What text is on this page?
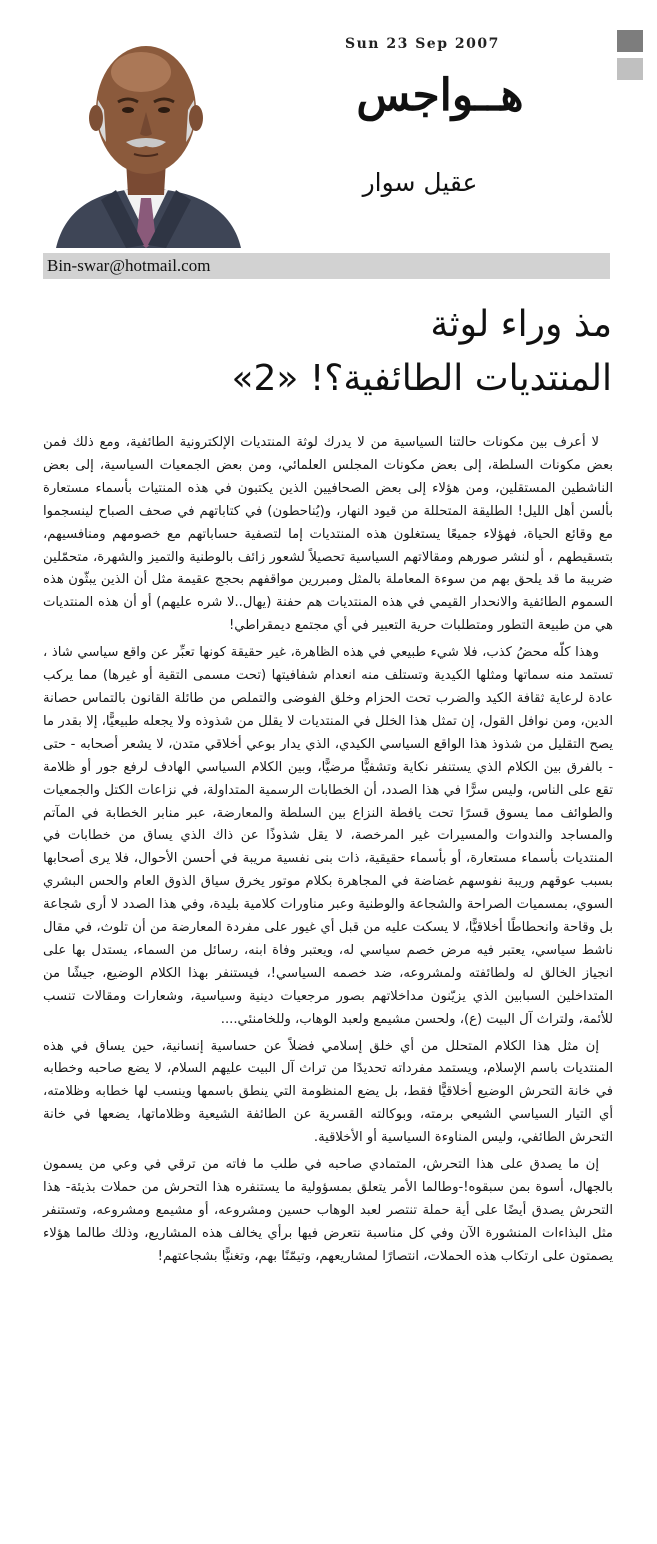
Sun 23 Sep 2007
هــواجس
عقيل سوار
Bin-swar@hotmail.com
مذ وراء لوثة
المنتديات الطائفية؟! «2»

لا أعرف بين مكونات حالتنا السياسية من لا يدرك لوثة المنتديات الإلكترونية الطائفية، ومع ذلك فمن بعض مكونات السلطة، إلى بعض مكونات المجلس العلمائي، ومن بعض الجمعيات السياسية، إلى بعض الناشطين المستقلين، ومن هؤلاء إلى بعض الصحافيين الذين يكتبون في هذه المنتيات بأسماء مستعارة بألسن أهل الليل! الطليقة المتحللة من قيود النهار، و(يُناحطون) في كتاباتهم في صحف الصباح لينسجموا مع وقائع الحياة، فهؤلاء جميعًا يستغلون هذه المنتديات إما لتصفية حساباتهم مع خصومهم ومنافسيهم، بتسقيطهم ، أو لنشر صورهم ومقالاتهم السياسية تحصيلاً لشعور زائف بالوطنية والتميز والشهرة، متحمّلين ضريبة ما قد يلحق بهم من سوءة المعاملة بالمثل ومبررين مواقفهم بحجج عقيمة مثل أن الذين يبثّون هذه السموم الطائفية والانحدار القيمي في هذه المنتديات هم حفنة (يهال..لا شره عليهم) أو أن هذه المنتديات هي من طبيعة التطور ومتطلبات حرية التعبير في أي مجتمع ديمقراطي!

وهذا كلّه محضُ كذب، فلا شيء طبيعي في هذه الظاهرة، غير حقيقة كونها تعبِّر عن واقع سياسي شاذ ، تستمد منه سماتها ومثلها الكيدية وتستلف منه انعدام شفافيتها (تحت مسمى التقية أو غيرها) مما يركب عادة لرعاية ثقافة الكيد والضرب تحت الحزام وخلق الفوضى والتملص من طائلة القانون بالتماس حصانة الدين، ومن نوافل القول، إن تمثل هذا الخلل في المنتديات لا يقلل من شذوذه ولا يجعله طبيعيًّا، إلا بقدر ما يصح التقليل من شذوذ هذا الواقع السياسي الكيدي، الذي يدار بوعي أخلاقي متدن، لا يشعر أصحابه - حتى - بالفرق بين الكلام الذي يستنفر نكاية وتشفيًّا مرضيًّا، وبين الكلام السياسي الهادف لرفع جور أو ظلامة تقع على الناس، وليس سرًّا في هذا الصدد، أن الخطابات الرسمية المتداولة، في نزاعات الكتل والجمعيات والطوائف مما يسوق قسرًا تحت يافطة النزاع بين السلطة والمعارضة، عبر منابر الخطابة في المآتم والمساجد والندوات والمسيرات غير المرخصة، لا يقل شذوذًا عن ذاك الذي يساق من خطابات في المنتديات بأسماء مستعارة، أو بأسماء حقيقية، ذات بنى نفسية مريبة في أحسن الأحوال، فلا يرى أصحابها بسبب عوقهم وريبة نفوسهم غضاضة في المجاهرة بكلام موتور يخرق سياق الذوق العام والحس البشري السوي، بمسميات الصراحة والشجاعة والوطنية وعبر مناورات كلامية بليدة، وفي هذا الصدد لا أرى شجاعة بل وقاحة وانحطاطًا أخلاقيًّا، لا يسكت عليه من قبل أي غيور على مفردة المعارضة من أن تلوث، في مقال ناشط سياسي، يعتبر فيه مرض خصم سياسي له، ويعتبر وفاة ابنه، رسائل من السماء، يستدل بها على انجياز الخالق له ولطائفته ولمشروعه، ضد خصمه السياسي!، فيستنفر بهذا الكلام الوضيع، جيشًا من المتداخلين السبابين الذي يزيّنون مداخلاتهم بصور مرجعيات دينية وسياسية، وشعارات ومقالات تنسب للأئمة، ولتراث آل البيت (ع)، ولحسن مشيمع ولعبد الوهاب، وللخامنئي....

إن مثل هذا الكلام المتحلل من أي خلق إسلامي فضلاً عن حساسية إنسانية، حين يساق في هذه المنتديات باسم الإسلام، ويستمد مفرداته تحديدًا من تراث آل البيت عليهم السلام، لا يضع صاحبه وخطابه في خانة التحرش الوضيع أخلاقيًّا فقط، بل يضع المنظومة التي ينطق باسمها وينسب لها خطابه وظلامته، أي التيار السياسي الشيعي برمته، وبوكالته القسرية عن الطائفة الشيعية وظلاماتها، يضعها في خانة التحرش الطائفي، وليس المناوءة السياسية أو الأخلاقية.

إن ما يصدق على هذا التحرش، المتمادي صاحبه في طلب ما فاته من ترقي في وعي من يسمون بالجهال، أسوة بمن سبقوه!-وطالما الأمر يتعلق بمسؤولية ما يستنفره هذا التحرش من حملات بذيئة- هذا التحرش يصدق أيضًا على أية حملة تنتصر لعبد الوهاب حسين ومشروعه، أو مشيمع ومشروعه، وتستنفر مثل البذاءات المنشورة الآن وفي كل مناسبة نتعرض فيها برأي يخالف هذه المشاريع، وذلك طالما هؤلاء يصمتون على ارتكاب هذه الحملات، انتصارًا لمشاريعهم، وتيمّنًا بهم، وتغنيًّا بشجاعتهم!
